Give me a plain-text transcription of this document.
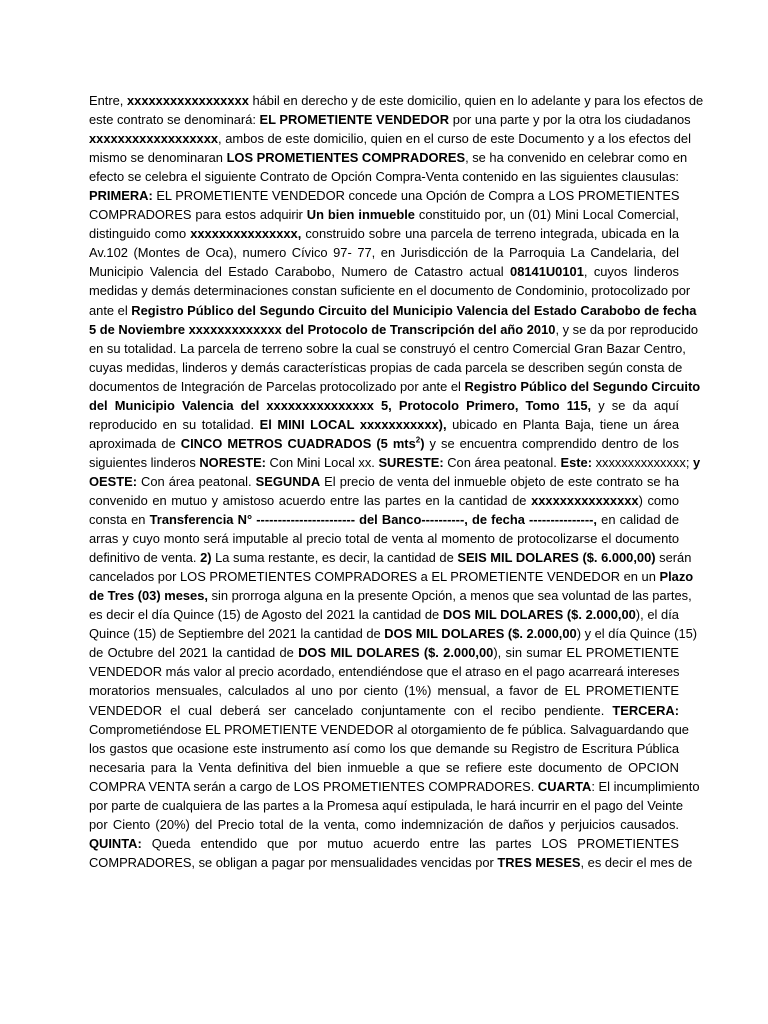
Entre, xxxxxxxxxxxxxxxxx hábil en derecho y de este domicilio, quien en lo adelante y para los efectos de
este contrato se denominará: EL PROMETIENTE VENDEDOR por una parte y por la otra los ciudadanos
xxxxxxxxxxxxxxxxxx, ambos de este domicilio, quien en el curso de este Documento y a los efectos del
mismo se denominaran LOS PROMETIENTES COMPRADORES, se ha convenido en celebrar como en
efecto se celebra el siguiente Contrato de Opción Compra-Venta contenido en las siguientes clausulas:
PRIMERA: EL PROMETIENTE VENDEDOR concede una Opción de Compra a LOS PROMETIENTES
COMPRADORES para estos adquirir Un bien inmueble constituido por, un (01) Mini Local Comercial,
distinguido como xxxxxxxxxxxxxxx, construido sobre una parcela de terreno integrada, ubicada en la
Av.102 (Montes de Oca), numero Cívico 97- 77, en Jurisdicción de la Parroquia La Candelaria, del
Municipio Valencia del Estado Carabobo, Numero de Catastro actual 08141U0101, cuyos linderos
medidas y demás determinaciones constan suficiente en el documento de Condominio, protocolizado por
ante el Registro Público del Segundo Circuito del Municipio Valencia del Estado Carabobo de fecha
5 de Noviembre xxxxxxxxxxxxx del Protocolo de Transcripción del año 2010, y se da por reproducido
en su totalidad. La parcela de terreno sobre la cual se construyó el centro Comercial Gran Bazar Centro,
cuyas medidas, linderos y demás características propias de cada parcela se describen según consta de
documentos de Integración de Parcelas protocolizado por ante el Registro Público del Segundo Circuito
del Municipio Valencia del xxxxxxxxxxxxxxx 5, Protocolo Primero, Tomo 115, y se da aquí
reproducido en su totalidad. El MINI LOCAL xxxxxxxxxxx), ubicado en Planta Baja, tiene un área
aproximada de CINCO METROS CUADRADOS (5 mts$^2$) y se encuentra comprendido dentro de los
siguientes linderos NORESTE: Con Mini Local xx. SURESTE: Con área peatonal. Este: xxxxxxxxxxxxxx; y
OESTE: Con área peatonal. SEGUNDA El precio de venta del inmueble objeto de este contrato se ha
convenido en mutuo y amistoso acuerdo entre las partes en la cantidad de xxxxxxxxxxxxxxx) como
consta en Transferencia N° ----------------------- del Banco----------, de fecha ---------------, en calidad de
arras y cuyo monto será imputable al precio total de venta al momento de protocolizarse el documento
definitivo de venta. 2) La suma restante, es decir, la cantidad de SEIS MIL DOLARES ($. 6.000,00) serán
cancelados por LOS PROMETIENTES COMPRADORES a EL PROMETIENTE VENDEDOR en un Plazo
de Tres (03) meses, sin prorroga alguna en la presente Opción, a menos que sea voluntad de las partes,
es decir el día Quince (15) de Agosto del 2021 la cantidad de DOS MIL DOLARES ($. 2.000,00), el día
Quince (15) de Septiembre del 2021 la cantidad de DOS MIL DOLARES ($. 2.000,00) y el día Quince (15)
de Octubre del 2021 la cantidad de DOS MIL DOLARES ($. 2.000,00), sin sumar EL PROMETIENTE
VENDEDOR más valor al precio acordado, entendiéndose que el atraso en el pago acarreará intereses
moratorios mensuales, calculados al uno por ciento (1%) mensual, a favor de EL PROMETIENTE
VENDEDOR el cual deberá ser cancelado conjuntamente con el recibo pendiente. TERCERA:
Comprometiéndose EL PROMETIENTE VENDEDOR al otorgamiento de fe pública. Salvaguardando que
los gastos que ocasione este instrumento así como los que demande su Registro de Escritura Pública
necesaria para la Venta definitiva del bien inmueble a que se refiere este documento de OPCION
COMPRA VENTA serán a cargo de LOS PROMETIENTES COMPRADORES. CUARTA: El incumplimiento
por parte de cualquiera de las partes a la Promesa aquí estipulada, le hará incurrir en el pago del Veinte
por Ciento (20%) del Precio total de la venta, como indemnización de daños y perjuicios causados.
QUINTA: Queda entendido que por mutuo acuerdo entre las partes LOS PROMETIENTES
COMPRADORES, se obligan a pagar por mensualidades vencidas por TRES MESES, es decir el mes de
